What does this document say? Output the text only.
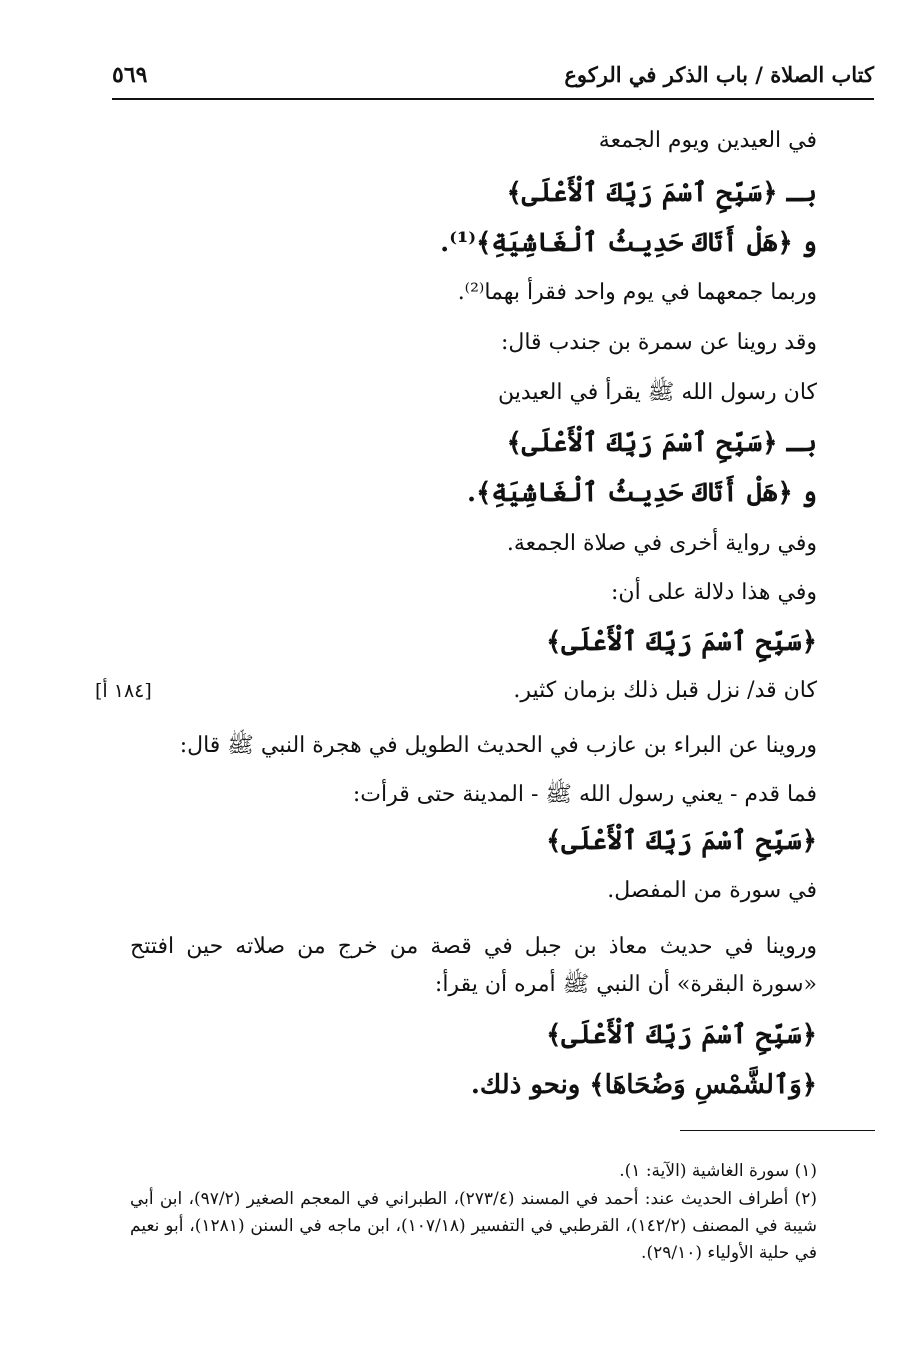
كتاب الصلاة / باب الذكر في الركوع
٥٦٩
في العيدين ويوم الجمعة
بـ ﴿سَبِّحِ ٱسْمَ رَبِّكَ ٱلْأَعْلَى﴾
و ﴿هَلْ أَتَاكَ حَدِيثُ ٱلْغَاشِيَةِ﴾⁽¹⁾.
وربما جمعهما في يوم واحد فقرأ بهما⁽²⁾.
وقد روينا عن سمرة بن جندب قال:
كان رسول الله ﷺ يقرأ في العيدين
بـ ﴿سَبِّحِ ٱسْمَ رَبِّكَ ٱلْأَعْلَى﴾
و ﴿هَلْ أَتَاكَ حَدِيثُ ٱلْغَاشِيَةِ﴾.
وفي رواية أخرى في صلاة الجمعة.
وفي هذا دلالة على أن:
﴿سَبِّحِ ٱسْمَ رَبِّكَ ٱلْأَعْلَى﴾
كان قد/ نزل قبل ذلك بزمان كثير.
[١٨٤ أ]
وروينا عن البراء بن عازب في الحديث الطويل في هجرة النبي ﷺ قال:
فما قدم - يعني رسول الله ﷺ - المدينة حتى قرأت:
﴿سَبِّحِ ٱسْمَ رَبِّكَ ٱلْأَعْلَى﴾
في سورة من المفصل.
وروينا في حديث معاذ بن جبل في قصة من خرج من صلاته حين افتتح «سورة البقرة» أن النبي ﷺ أمره أن يقرأ:
﴿سَبِّحِ ٱسْمَ رَبِّكَ ٱلْأَعْلَى﴾
﴿وَٱلشَّمْسِ وَضُحَاهَا﴾ ونحو ذلك.
(١) سورة الغاشية (الآية: ١).
(٢) أطراف الحديث عند: أحمد في المسند (٢٧٣/٤)، الطبراني في المعجم الصغير (٩٧/٢)، ابن أبي شيبة في المصنف (١٤٢/٢)، القرطبي في التفسير (١٠٧/١٨)، ابن ماجه في السنن (١٢٨١)، أبو نعيم في حلية الأولياء (٢٩/١٠).
